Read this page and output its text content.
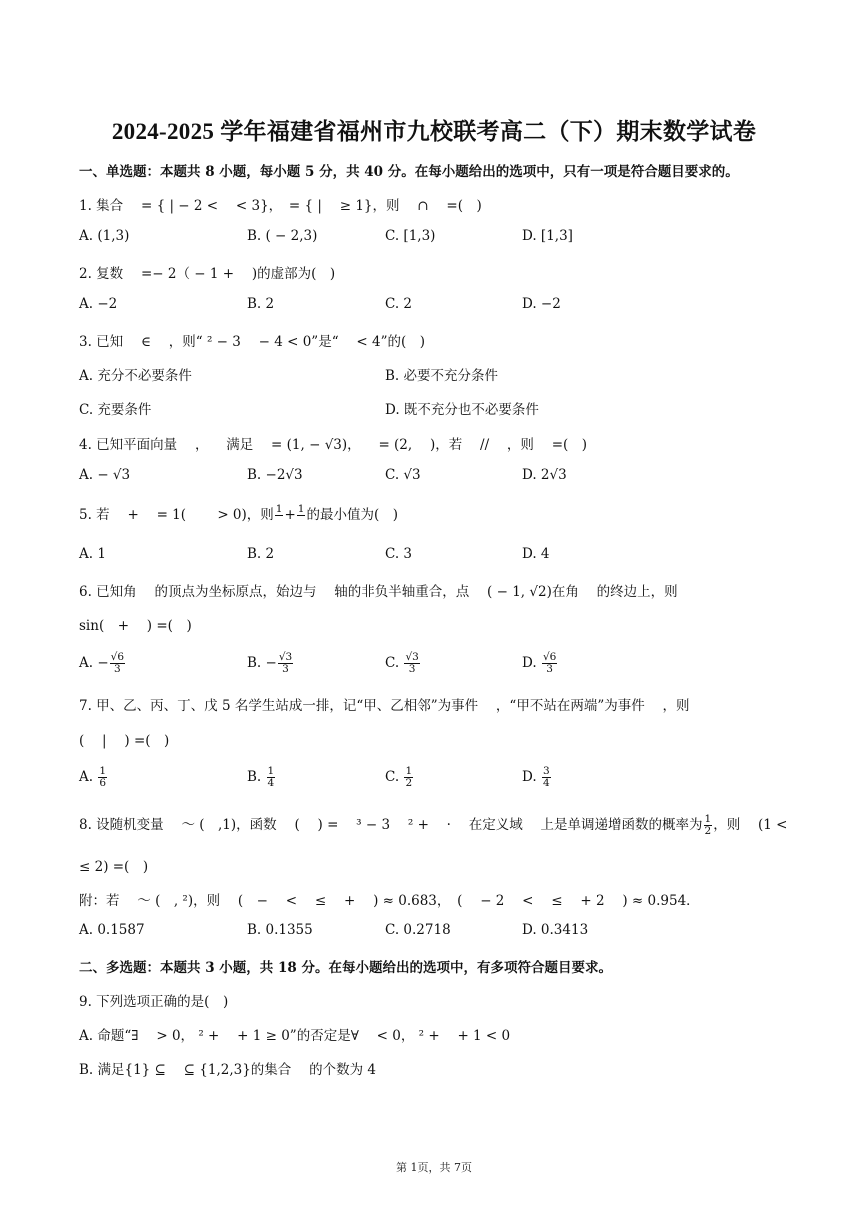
2024-2025 学年福建省福州市九校联考高二（下）期末数学试卷
一、单选题：本题共 8 小题，每小题 5 分，共 40 分。在每小题给出的选项中，只有一项是符合题目要求的。
1. 集合 　= { | − 2 < 　< 3}，　= { | 　≥ 1}，则 　∩ 　=(　)
A. (1,3)	B. ( − 2,3)	C. [1,3)	D. [1,3]
2. 复数 　=− 2（ − 1 + 　)的虚部为(　)
A. −2	B. 2	C. 2	D. −2
3. 已知 　∈ 　，则“ ² − 3 　− 4 < 0”是“ 　< 4”的(　)
A. 充分不必要条件	B. 必要不充分条件
C. 充要条件	D. 既不充分也不必要条件
4. 已知平面向量 　， 　满足 　= (1, − √3)， 　= (2, 　)，若 　// 　，则 　=(　)
A. − √3	B. −2√3	C. √3	D. 2√3
5. 若 　+ 　= 1(　 　> 0)，则 1 + 1 的最小值为(　)
A. 1	B. 2	C. 3	D. 4
6. 已知角 　的顶点为坐标原点，始边与 　轴的非负半轴重合，点 　( − 1, √2)在角 　的终边上，则
sin(　+ 　) =(　)
A. − $\frac{√6}{3}$	B. − $\frac{√3}{3}$	C. $\frac{√3}{3}$	D. $\frac{√6}{3}$
7. 甲、乙、丙、丁、戊 5 名学生站成一排，记“甲、乙相邻”为事件 　，“甲不站在两端”为事件 　，则
( 　| 　) =(　)
A. $\frac{1}{6}$	B. $\frac{1}{4}$	C. $\frac{1}{2}$	D. $\frac{3}{4}$
8. 设随机变量 　～ (　,1)，函数 　( 　) = 　³ − 3 　² + 　· 　在定义域 　上是单调递增函数的概率为 $\frac{1}{2}$ ，则 　(1 <
≤ 2) =(　)
附：若 　～ (　, ²)，则 　(　− 　< 　≤ 　+ 　) ≈ 0.683，　( 　− 2 　< 　≤ 　+ 2 　) ≈ 0.954．
A. 0.1587	B. 0.1355	C. 0.2718	D. 0.3413
二、多选题：本题共 3 小题，共 18 分。在每小题给出的选项中，有多项符合题目要求。
9. 下列选项正确的是(　)
A. 命题“∃ 　> 0， ² + 　+ 1 ≥ 0”的否定是∀ 　< 0， ² + 　+ 1 < 0
B. 满足{1} ⊆ 　⊆ {1,2,3}的集合 　的个数为 4
第 1页，共 7页
